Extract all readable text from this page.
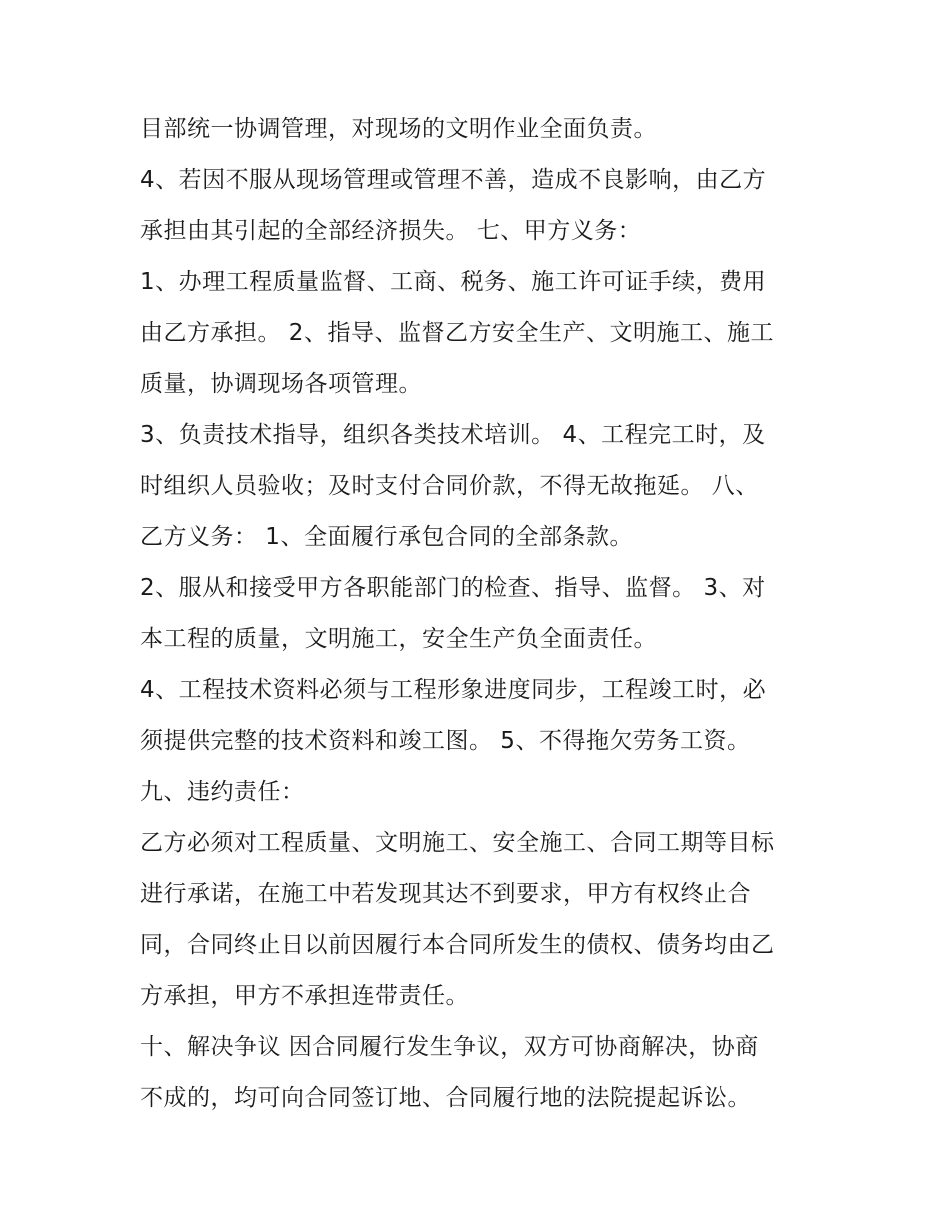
目部统一协调管理，对现场的文明作业全面负责。
4、若因不服从现场管理或管理不善，造成不良影响，由乙方
承担由其引起的全部经济损失。 七、甲方义务：
1、办理工程质量监督、工商、税务、施工许可证手续，费用
由乙方承担。 2、指导、监督乙方安全生产、文明施工、施工
质量，协调现场各项管理。
3、负责技术指导，组织各类技术培训。 4、工程完工时，及
时组织人员验收；及时支付合同价款，不得无故拖延。 八、
乙方义务： 1、全面履行承包合同的全部条款。
2、服从和接受甲方各职能部门的检查、指导、监督。 3、对
本工程的质量，文明施工，安全生产负全面责任。
4、工程技术资料必须与工程形象进度同步，工程竣工时，必
须提供完整的技术资料和竣工图。 5、不得拖欠劳务工资。
九、违约责任：
乙方必须对工程质量、文明施工、安全施工、合同工期等目标
进行承诺，在施工中若发现其达不到要求，甲方有权终止合
同，合同终止日以前因履行本合同所发生的债权、债务均由乙
方承担，甲方不承担连带责任。
十、解决争议 因合同履行发生争议，双方可协商解决，协商
不成的，均可向合同签订地、合同履行地的法院提起诉讼。
